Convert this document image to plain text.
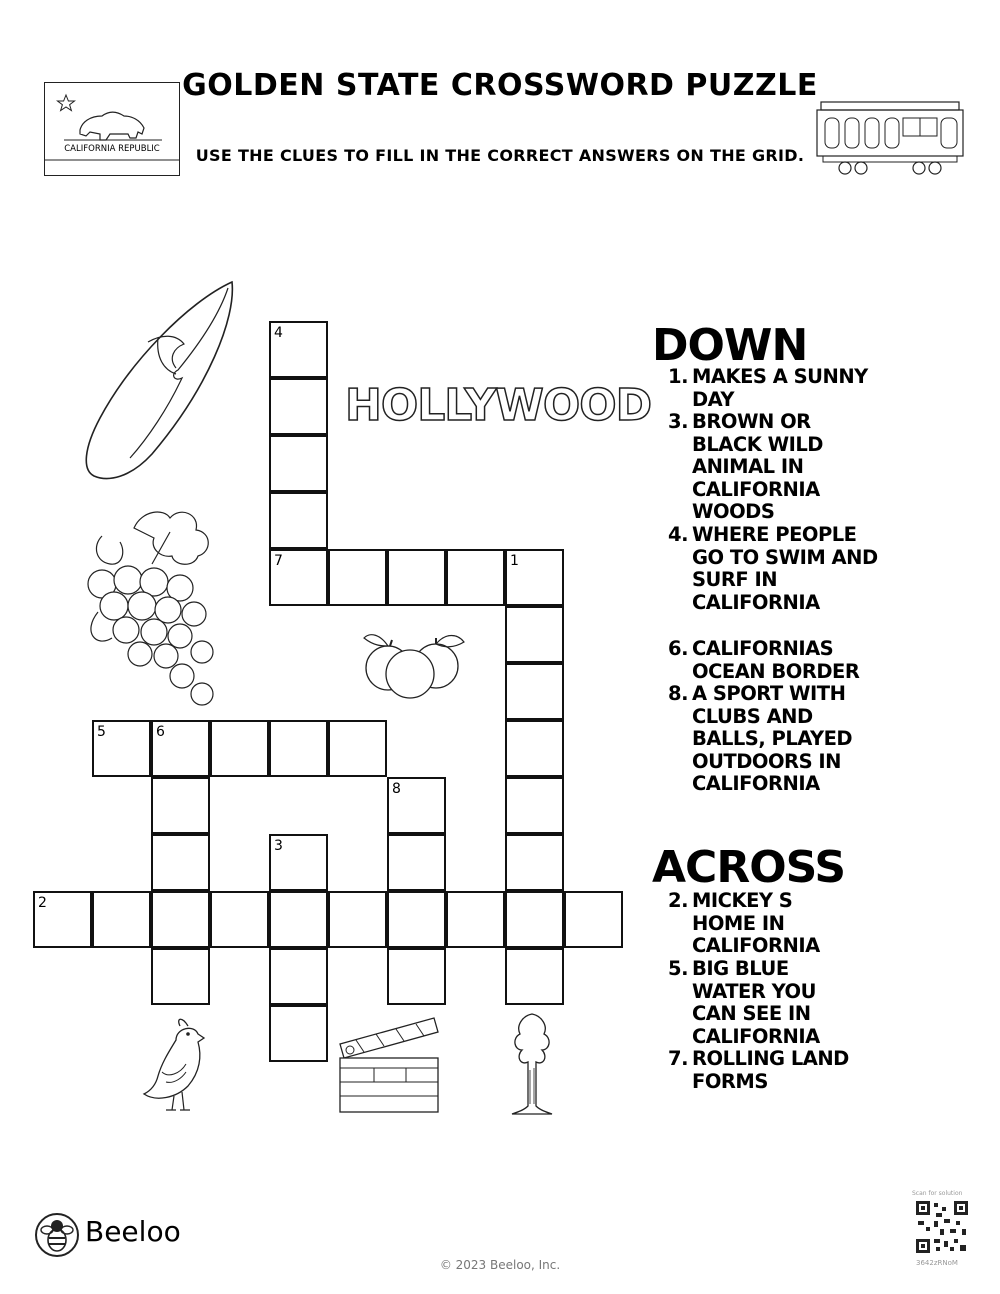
GOLDEN STATE CROSSWORD PUZZLE
USE THE CLUES TO FILL IN THE CORRECT ANSWERS ON THE GRID.
CALIFORNIA REPUBLIC
HOLLYWOOD
4
7	1
5	6
8
3
2
DOWN
1. MAKES A SUNNY DAY
3. BROWN OR BLACK WILD ANIMAL IN CALIFORNIA WOODS
4. WHERE PEOPLE GO TO SWIM AND SURF IN CALIFORNIA
6. CALIFORNIAS OCEAN BORDER
8. A SPORT WITH CLUBS AND BALLS, PLAYED OUTDOORS IN CALIFORNIA
ACROSS
2. MICKEY S HOME IN CALIFORNIA
5. BIG BLUE WATER YOU CAN SEE IN CALIFORNIA
7. ROLLING LAND FORMS
Beeloo
© 2023 Beeloo, Inc.
Scan for solution
3642zRNoM
